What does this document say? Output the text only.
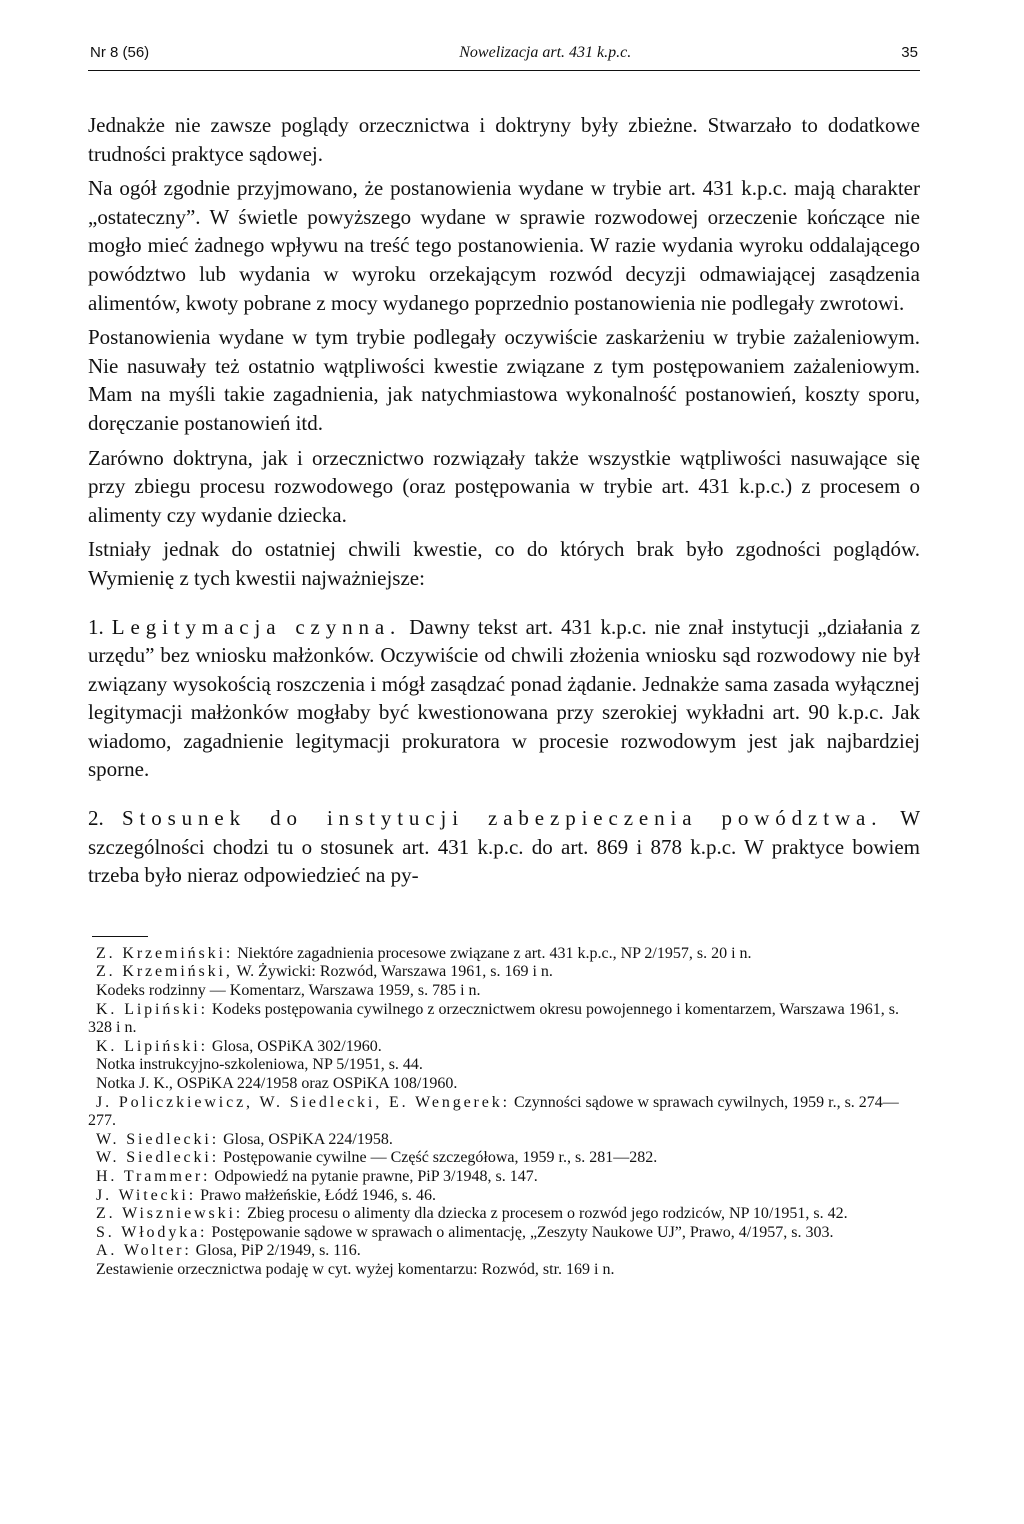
Nr 8 (56)	Nowelizacja art. 431 k.p.c.	35

Jednakże nie zawsze poglądy orzecznictwa i doktryny były zbieżne. Stwarzało to dodatkowe trudności praktyce sądowej.

Na ogół zgodnie przyjmowano, że postanowienia wydane w trybie art. 431 k.p.c. mają charakter „ostateczny”. W świetle powyższego wydane w sprawie rozwodowej orzeczenie kończące nie mogło mieć żadnego wpływu na treść tego postanowienia. W razie wydania wyroku oddalającego powództwo lub wydania w wyroku orzekającym rozwód decyzji odmawiającej zasądzenia alimentów, kwoty pobrane z mocy wydanego poprzednio postanowienia nie podlegały zwrotowi.

Postanowienia wydane w tym trybie podlegały oczywiście zaskarżeniu w trybie zażaleniowym. Nie nasuwały też ostatnio wątpliwości kwestie związane z tym postępowaniem zażaleniowym. Mam na myśli takie zagadnienia, jak natychmiastowa wykonalność postanowień, koszty sporu, doręczanie postanowień itd.

Zarówno doktryna, jak i orzecznictwo rozwiązały także wszystkie wątpliwości nasuwające się przy zbiegu procesu rozwodowego (oraz postępowania w trybie art. 431 k.p.c.) z procesem o alimenty czy wydanie dziecka.

Istniały jednak do ostatniej chwili kwestie, co do których brak było zgodności poglądów. Wymienię z tych kwestii najważniejsze:

1. Legitymacja czynna. Dawny tekst art. 431 k.p.c. nie znał instytucji „działania z urzędu” bez wniosku małżonków. Oczywiście od chwili złożenia wniosku sąd rozwodowy nie był związany wysokością roszczenia i mógł zasądzać ponad żądanie. Jednakże sama zasada wyłącznej legitymacji małżonków mogłaby być kwestionowana przy szerokiej wykładni art. 90 k.p.c. Jak wiadomo, zagadnienie legitymacji prokuratora w procesie rozwodowym jest jak najbardziej sporne.

2. Stosunek do instytucji zabezpieczenia powództwa. W szczególności chodzi tu o stosunek art. 431 k.p.c. do art. 869 i 878 k.p.c. W praktyce bowiem trzeba było nieraz odpowiedzieć na py-

Z. Krzemiński: Niektóre zagadnienia procesowe związane z art. 431 k.p.c., NP 2/1957, s. 20 i n.

Z. Krzemiński, W. Żywicki: Rozwód, Warszawa 1961, s. 169 i n.

Kodeks rodzinny — Komentarz, Warszawa 1959, s. 785 i n.

K. Lipiński: Kodeks postępowania cywilnego z orzecznictwem okresu powojennego i komentarzem, Warszawa 1961, s. 328 i n.

K. Lipiński: Glosa, OSPiKA 302/1960.

Notka instrukcyjno-szkoleniowa, NP 5/1951, s. 44.

Notka J. K., OSPiKA 224/1958 oraz OSPiKA 108/1960.

J. Policzkiewicz, W. Siedlecki, E. Wengerek: Czynności sądowe w sprawach cywilnych, 1959 r., s. 274—277.

W. Siedlecki: Glosa, OSPiKA 224/1958.

W. Siedlecki: Postępowanie cywilne — Część szczegółowa, 1959 r., s. 281—282.

H. Trammer: Odpowiedź na pytanie prawne, PiP 3/1948, s. 147.

J. Witecki: Prawo małżeńskie, Łódź 1946, s. 46.

Z. Wiszniewski: Zbieg procesu o alimenty dla dziecka z procesem o rozwód jego rodziców, NP 10/1951, s. 42.

S. Włodyka: Postępowanie sądowe w sprawach o alimentację, „Zeszyty Naukowe UJ”, Prawo, 4/1957, s. 303.

A. Wolter: Glosa, PiP 2/1949, s. 116.

Zestawienie orzecznictwa podaję w cyt. wyżej komentarzu: Rozwód, str. 169 i n.
